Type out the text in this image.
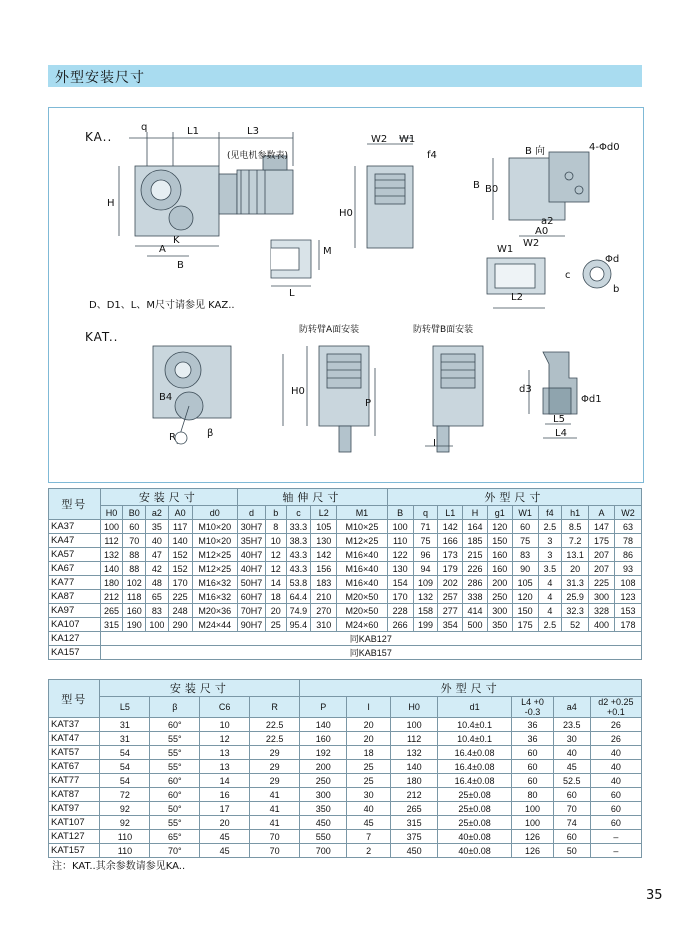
外型安装尺寸
KA..
q	L1	L3
(见电机参数表)
H
K
A
B
M
L
W2 W1
f4
H0
B 向	4-Φd0
B B0
a2
A0
W1
W2
c
Φd
b
L2
D、D1、L、M尺寸请参见 KAZ..
KAT..	防转臂A面安装	防转臂B面安装
B4
R	β
H0
P
I
d3
Φd1
L5
L4
型号	安装尺寸					轴伸尺寸					外型尺寸									
	H0	B0	a2	A0	d0	d	b	c	L2	M1	B	q	L1	H	g1	W1	f4	h1	A	W2
KA37	100	60	35	117	M10×20	30H7	8	33.3	105	M10×25	100	71	142	164	120	60	2.5	8.5	147	63
KA47	112	70	40	140	M10×20	35H7	10	38.3	130	M12×25	110	75	166	185	150	75	3	7.2	175	78
KA57	132	88	47	152	M12×25	40H7	12	43.3	142	M16×40	122	96	173	215	160	83	3	13.1	207	86
KA67	140	88	42	152	M12×25	40H7	12	43.3	156	M16×40	130	94	179	226	160	90	3.5	20	207	93
KA77	180	102	48	170	M16×32	50H7	14	53.8	183	M16×40	154	109	202	286	200	105	4	31.3	225	108
KA87	212	118	65	225	M16×32	60H7	18	64.4	210	M20×50	170	132	257	338	250	120	4	25.9	300	123
KA97	265	160	83	248	M20×36	70H7	20	74.9	270	M20×50	228	158	277	414	300	150	4	32.3	328	153
KA107	315	190	100	290	M24×44	90H7	25	95.4	310	M24×60	266	199	354	500	350	175	2.5	52	400	178
KA127	同KAB127																			
KA157	同KAB157																			
型号	安装尺寸				外型尺寸						
	L5	β	C6	R	P	I	H0	d1	L4 +0 -0.3	a4	d2 +0.25 +0.1
KAT37	31	60°	10	22.5	140	20	100	10.4±0.1	36	23.5	26
KAT47	31	55°	12	22.5	160	20	112	10.4±0.1	36	30	26
KAT57	54	55°	13	29	192	18	132	16.4±0.08	60	40	40
KAT67	54	55°	13	29	200	25	140	16.4±0.08	60	45	40
KAT77	54	60°	14	29	250	25	180	16.4±0.08	60	52.5	40
KAT87	72	60°	16	41	300	30	212	25±0.08	80	60	60
KAT97	92	50°	17	41	350	40	265	25±0.08	100	70	60
KAT107	92	55°	20	41	450	45	315	25±0.08	100	74	60
KAT127	110	65°	45	70	550	7	375	40±0.08	126	60	–
KAT157	110	70°	45	70	700	2	450	40±0.08	126	50	–
注：KAT..其余参数请参见KA..
35
